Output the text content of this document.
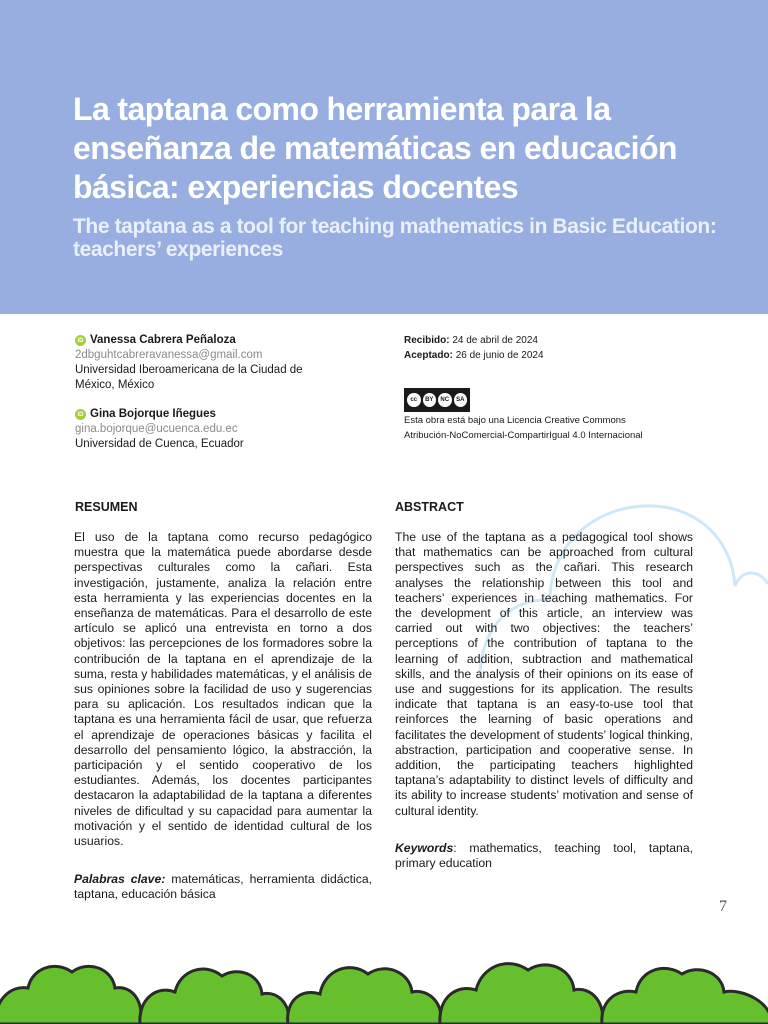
La taptana como herramienta para la enseñanza de matemáticas en educación básica: experiencias docentes
The taptana as a tool for teaching mathematics in Basic Education: teachers’ experiences
iD Vanessa Cabrera Peñaloza
2dbguhtcabreravanessa@gmail.com
Universidad Iberoamericana de la Ciudad de México, México
iD Gina Bojorque Iñegues
gina.bojorque@ucuenca.edu.ec
Universidad de Cuenca, Ecuador
Recibido: 24 de abril de 2024
Aceptado: 26 de junio de 2024
cc	BY	NC	SA
Esta obra está bajo una Licencia Creative Commons
Atribución-NoComercial-CompartirIgual 4.0 Internacional
RESUMEN

El uso de la taptana como recurso pedagógico muestra que la matemática puede abordarse desde perspectivas culturales como la cañari. Esta investigación, justamente, analiza la relación entre esta herramienta y las experiencias docentes en la enseñanza de matemáticas. Para el desarrollo de este artículo se aplicó una entrevista en torno a dos objetivos: las percepciones de los formadores sobre la contribución de la taptana en el aprendizaje de la suma, resta y habilidades matemáticas, y el análisis de sus opiniones sobre la facilidad de uso y sugerencias para su aplicación. Los resultados indican que la taptana es una herramienta fácil de usar, que refuerza el aprendizaje de operaciones básicas y facilita el desarrollo del pensamiento lógico, la abstracción, la participación y el sentido cooperativo de los estudiantes. Además, los docentes participantes destacaron la adaptabilidad de la taptana a diferentes niveles de dificultad y su capacidad para aumentar la motivación y el sentido de identidad cultural de los usuarios.

Palabras clave: matemáticas, herramienta didáctica, taptana, educación básica

ABSTRACT

The use of the taptana as a pedagogical tool shows that mathematics can be approached from cultural perspectives such as the cañari. This research analyses the relationship between this tool and teachers’ experiences in teaching mathematics. For the development of this article, an interview was carried out with two objectives: the teachers’ perceptions of the contribution of taptana to the learning of addition, subtraction and mathematical skills, and the analysis of their opinions on its ease of use and suggestions for its application. The results indicate that taptana is an easy-to-use tool that reinforces the learning of basic operations and facilitates the development of students’ logical thinking, abstraction, participation and cooperative sense. In addition, the participating teachers highlighted taptana’s adaptability to distinct levels of difficulty and its ability to increase students’ motivation and sense of cultural identity.

Keywords: mathematics, teaching tool, taptana, primary education

7
